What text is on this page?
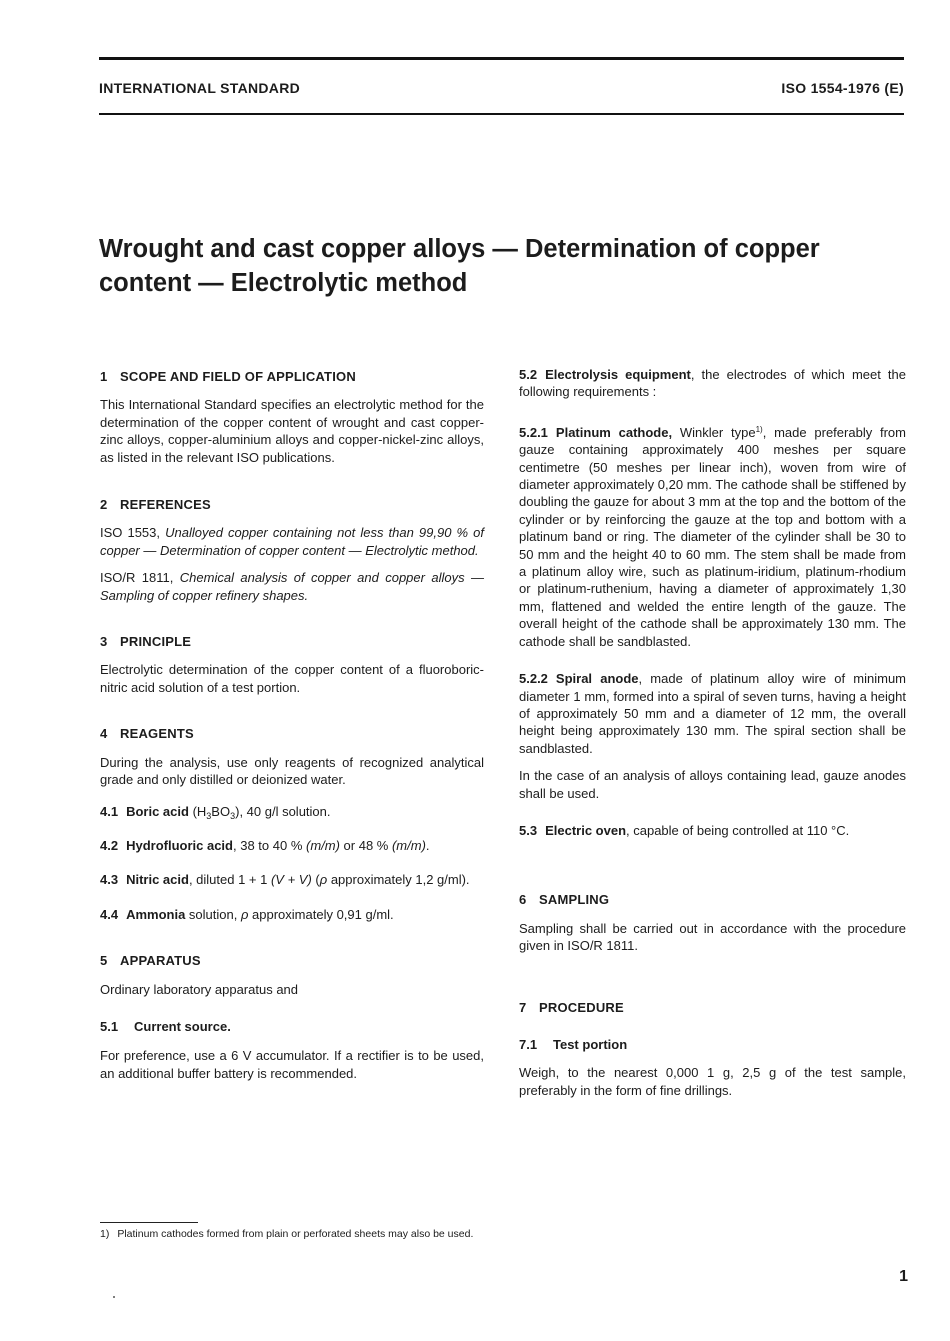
INTERNATIONAL STANDARD	ISO 1554-1976 (E)
Wrought and cast copper alloys — Determination of copper
content — Electrolytic method

1 SCOPE AND FIELD OF APPLICATION

This International Standard specifies an electrolytic method for the determination of the copper content of wrought and cast copper-zinc alloys, copper-aluminium alloys and copper-nickel-zinc alloys, as listed in the relevant ISO publications.

2 REFERENCES

ISO 1553, Unalloyed copper containing not less than 99,90 % of copper — Determination of copper content — Electrolytic method.

ISO/R 1811, Chemical analysis of copper and copper alloys — Sampling of copper refinery shapes.

3 PRINCIPLE

Electrolytic determination of the copper content of a fluoroboric-nitric acid solution of a test portion.

4 REAGENTS

During the analysis, use only reagents of recognized analytical grade and only distilled or deionized water.

4.1 Boric acid $(H_3BO_3)$, 40 g/l solution.

4.2 Hydrofluoric acid, 38 to 40 % (m/m) or 48 % (m/m).

4.3 Nitric acid, diluted 1 + 1 (V + V) (ρ approximately 1,2 g/ml).

4.4 Ammonia solution, ρ approximately 0,91 g/ml.

5 APPARATUS

Ordinary laboratory apparatus and

5.1 Current source.

For preference, use a 6 V accumulator. If a rectifier is to be used, an additional buffer battery is recommended.

5.2 Electrolysis equipment, the electrodes of which meet the following requirements :

5.2.1 Platinum cathode, Winkler type$^{1)}$, made preferably from gauze containing approximately 400 meshes per square centimetre (50 meshes per linear inch), woven from wire of diameter approximately 0,20 mm. The cathode shall be stiffened by doubling the gauze for about 3 mm at the top and the bottom of the cylinder or by reinforcing the gauze at the top and bottom with a platinum band or ring. The diameter of the cylinder shall be 30 to 50 mm and the height 40 to 60 mm. The stem shall be made from a platinum alloy wire, such as platinum-iridium, platinum-rhodium or platinum-ruthenium, having a diameter of approximately 1,30 mm, flattened and welded the entire length of the gauze. The overall height of the cathode shall be approximately 130 mm. The cathode shall be sandblasted.

5.2.2 Spiral anode, made of platinum alloy wire of minimum diameter 1 mm, formed into a spiral of seven turns, having a height of approximately 50 mm and a diameter of 12 mm, the overall height being approximately 130 mm. The spiral section shall be sandblasted.

In the case of an analysis of alloys containing lead, gauze anodes shall be used.

5.3 Electric oven, capable of being controlled at 110 °C.

6 SAMPLING

Sampling shall be carried out in accordance with the procedure given in ISO/R 1811.

7 PROCEDURE

7.1 Test portion

Weigh, to the nearest 0,000 1 g, 2,5 g of the test sample, preferably in the form of fine drillings.

1) Platinum cathodes formed from plain or perforated sheets may also be used.
1
